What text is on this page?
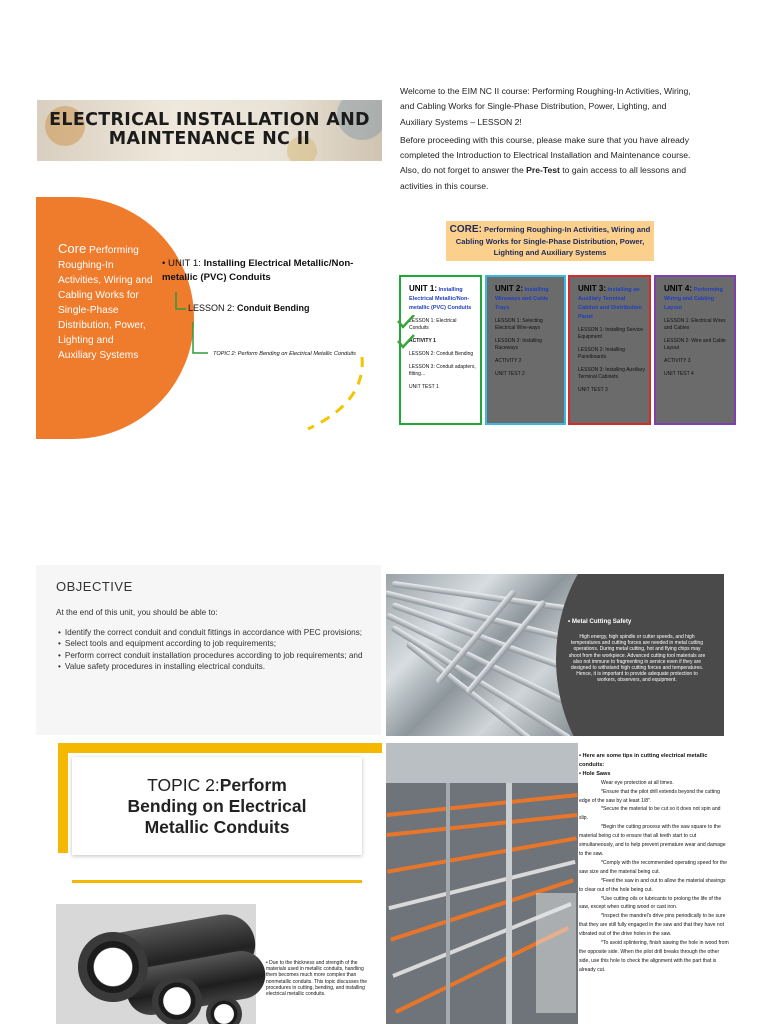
ELECTRICAL INSTALLATION AND
MAINTENANCE NC II

Welcome to the EIM NC II course: Performing Roughing-In Activities, Wiring, and Cabling Works for Single-Phase Distribution, Power, Lighting, and Auxiliary Systems – LESSON 2!

Before proceeding with this course, please make sure that you have already completed the Introduction to Electrical Installation and Maintenance course. Also, do not forget to answer the Pre-Test to gain access to all lessons and activities in this course.

Core Performing Roughing-In Activities, Wiring and Cabling Works for Single-Phase Distribution, Power, Lighting and Auxiliary Systems
• UNIT 1: Installing Electrical Metallic/Non-metallic (PVC) Conduits
LESSON 2: Conduit Bending
TOPIC 2: Perform Bending on Electrical Metallic Conduits
CORE: Performing Roughing-In Activities, Wiring and Cabling Works for Single-Phase Distribution, Power, Lighting and Auxiliary Systems
UNIT 1: Installing Electrical Metallic/Non-metallic (PVC) Conduits
LESSON 1: Electrical Conduits
ACTIVITY 1
LESSON 2: Conduit Bending
LESSON 3: Conduit adapters, fitting...
UNIT TEST 1
UNIT 2: Installing Wireways and Cable Trays
LESSON 1: Selecting Electrical Wire-ways
LESSON 2: Installing Raceways
ACTIVITY 2
UNIT TEST 2
UNIT 3: Installing an Auxiliary Terminal Cabinet and Distribution Panel
LESSON 1: Installing Service Equipment
LESSON 2: Installing Panelboards
LESSON 3: Installing Auxiliary Terminal Cabinets
UNIT TEST 3
UNIT 4: Performing Wiring and Cabling Layout
LESSON 1: Electrical Wires and Cables
LESSON 2: Wire and Cable Layout
ACTIVITY 3
UNIT TEST 4
OBJECTIVE
At the end of this unit, you should be able to:
• Identify the correct conduit and conduit fittings in accordance with PEC provisions;
• Select tools and equipment according to job requirements;
• Perform correct conduit installation procedures according to job requirements; and
• Value safety procedures in installing electrical conduits.
• Metal Cutting Safety
High energy, high spindle or cutter speeds, and high temperatures and cutting forces are needed in metal cutting operations. During metal cutting, hot and flying chips may shoot from the workpiece. Advanced cutting tool materials are also not immune to fragmenting in service even if they are designed to withstand high cutting forces and temperatures. Hence, it is important to provide adequate protection to workers, observers, and equipment.
TOPIC 2:Perform
Bending on Electrical
Metallic Conduits
• Due to the thickness and strength of the materials used in metallic conduits, handling them becomes much more complex than nonmetallic conduits. This topic discusses the procedures in cutting, bending, and installing electrical metallic conduits.

• Here are some tips in cutting electrical metallic conduits:

• Hole Saws

Wear eye protection at all times.

*Ensure that the pilot drill extends beyond the cutting edge of the saw by at least 1/8".

*Secure the material to be cut so it does not spin and slip.

*Begin the cutting process with the saw square to the material being cut to ensure that all teeth start to cut simultaneously, and to help prevent premature wear and damage to the saw.

*Comply with the recommended operating speed for the saw size and the material being cut.

*Feed the saw in and out to allow the material shavings to clear out of the hole being cut.

*Use cutting oils or lubricants to prolong the life of the saw, except when cutting wood or cast iron.

*Inspect the mandrel's drive pins periodically to be sure that they are still fully engaged in the saw and that they have not vibrated out of the drive holes in the saw.

*To avoid splintering, finish sawing the hole in wood from the opposite side. When the pilot drill breaks through the other side, use this hole to check the alignment with the part that is already cut.
